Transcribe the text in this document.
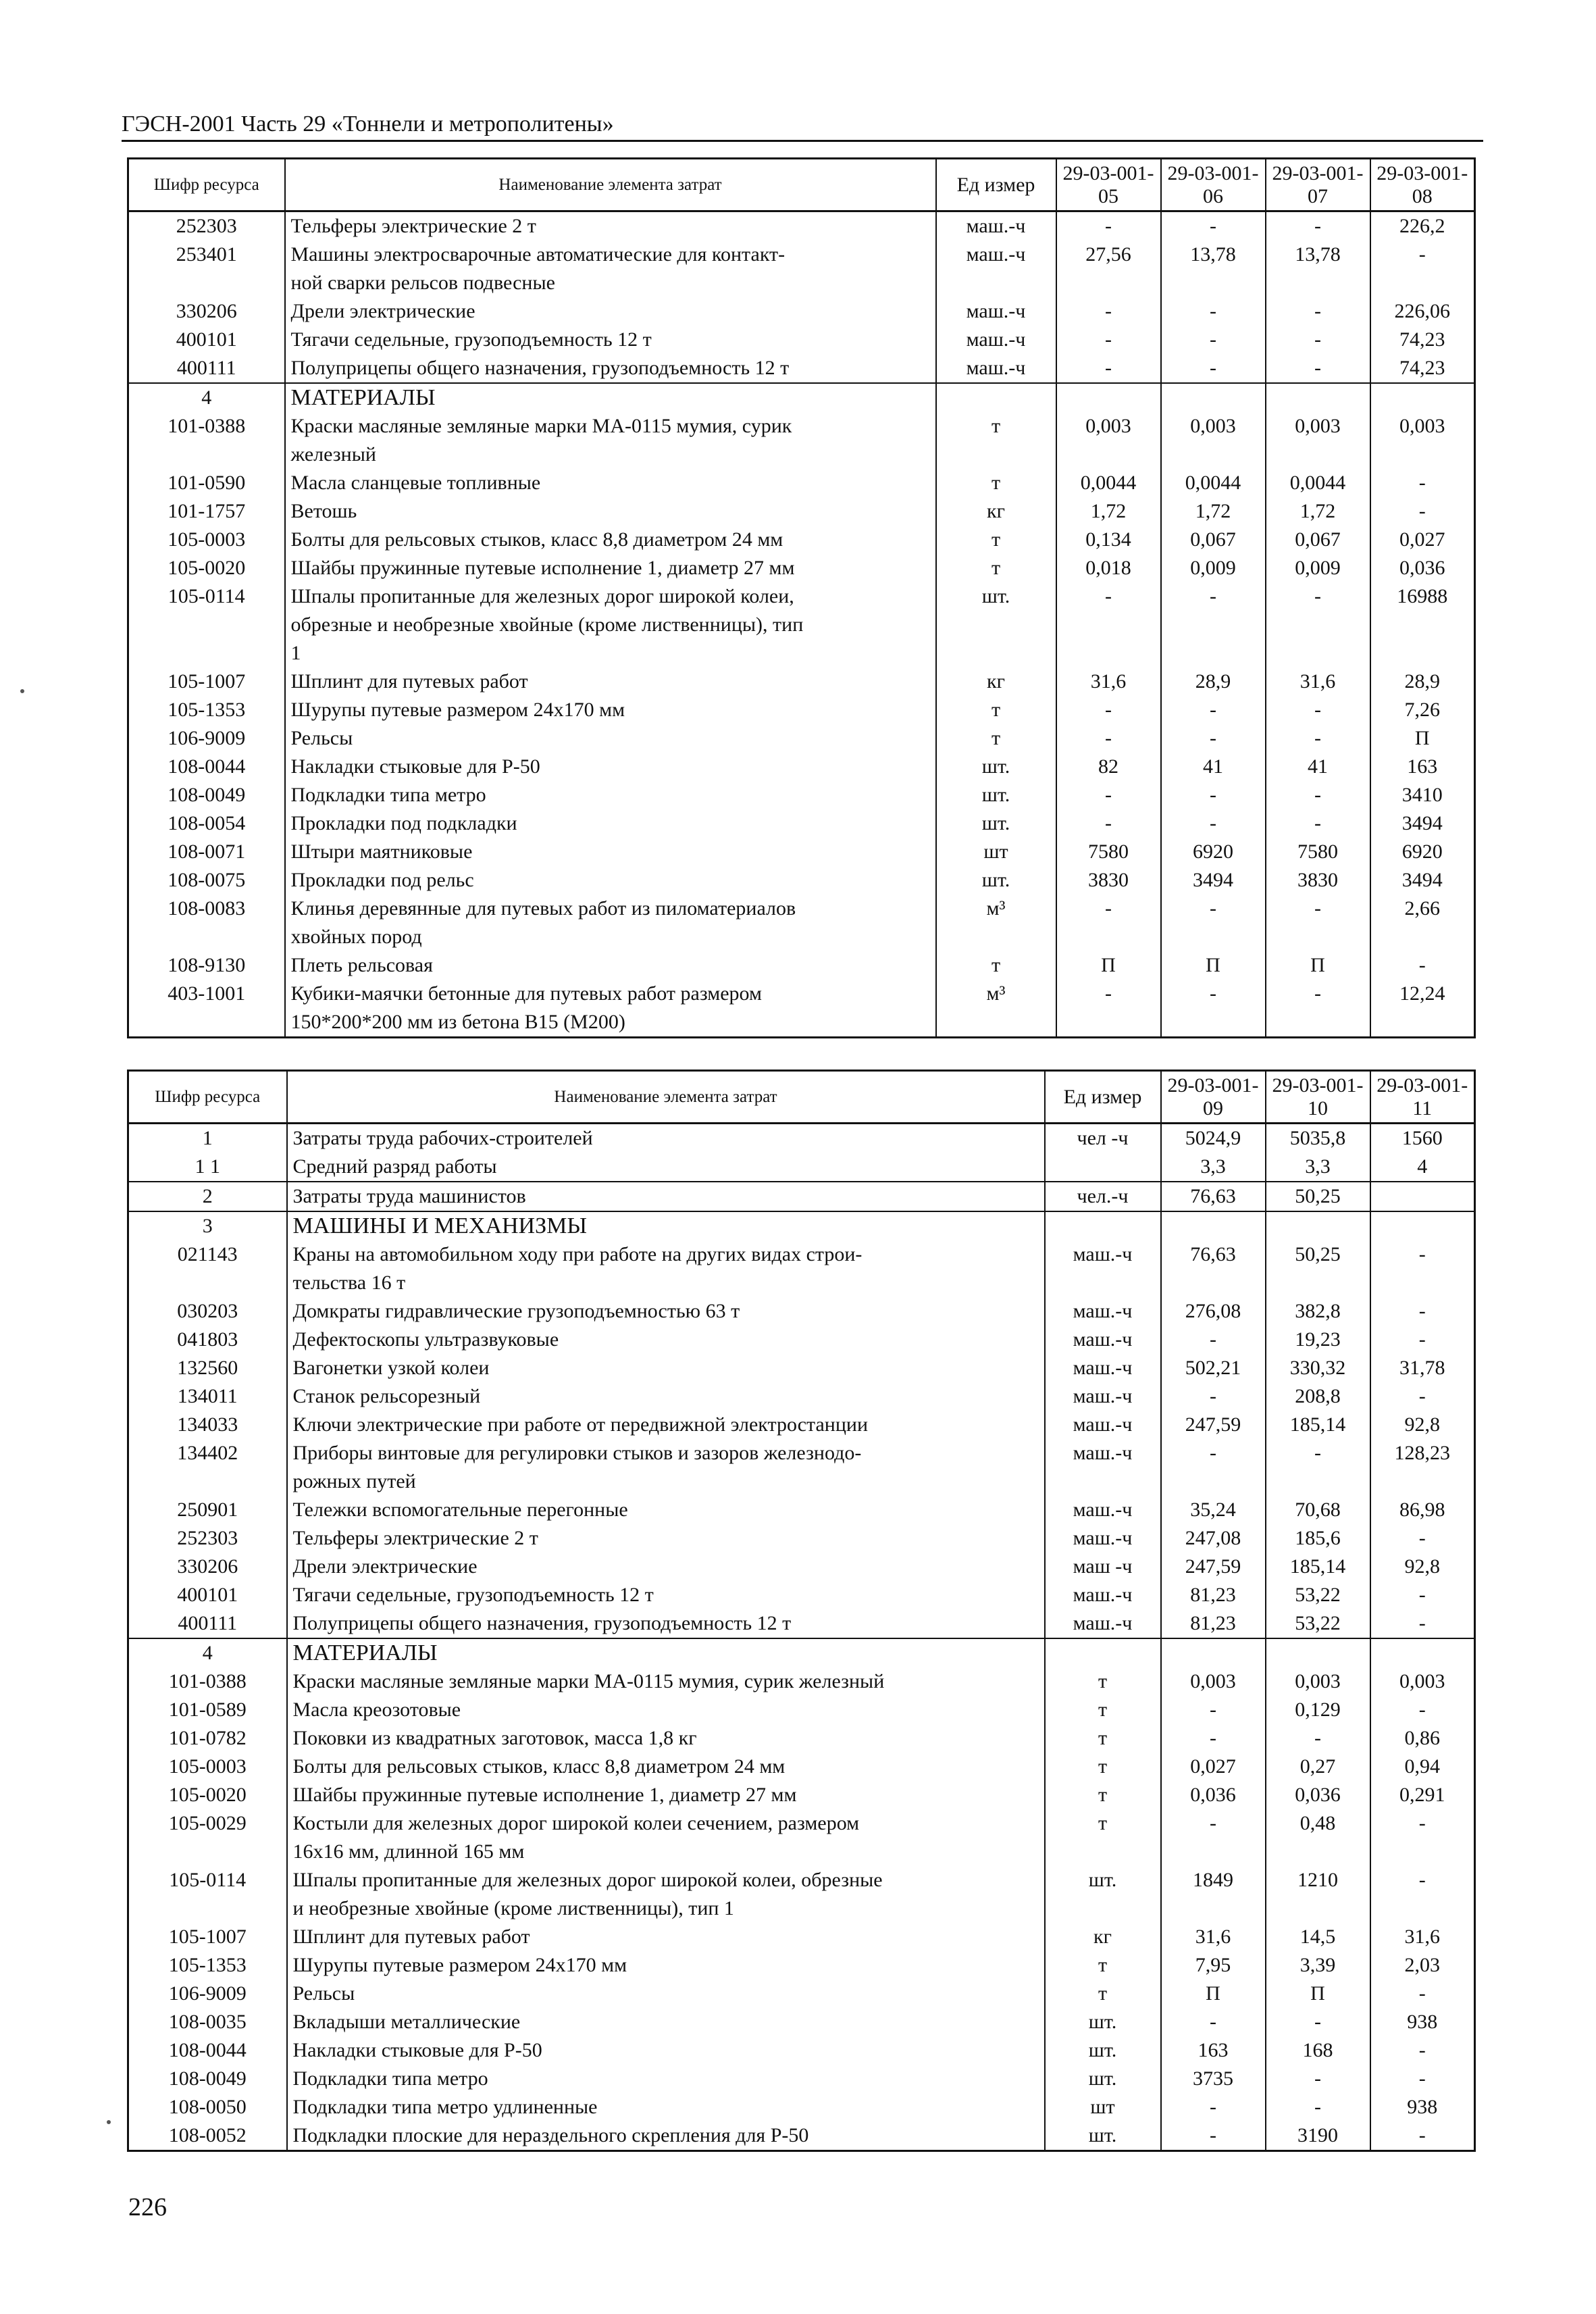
ГЭСН-2001 Часть 29 «Тоннели и метрополитены»
Шифр ресурса	Наименование элемента затрат	Ед измер	29-03-001-05	29-03-001-06	29-03-001-07	29-03-001-08
252303	Тельферы электрические 2 т	маш.-ч	-	-	-	226,2
253401	Машины электросварочные автоматические для контакт-
ной сварки рельсов подвесные	маш.-ч	27,56	13,78	13,78	-
330206	Дрели электрические	маш.-ч	-	-	-	226,06
400101	Тягачи седельные, грузоподъемность 12 т	маш.-ч	-	-	-	74,23
400111	Полуприцепы общего назначения, грузоподъемность 12 т	маш.-ч	-	-	-	74,23
4	МАТЕРИАЛЫ					
101-0388	Краски масляные земляные марки МА-0115 мумия, сурик
железный	т	0,003	0,003	0,003	0,003
101-0590	Масла сланцевые топливные	т	0,0044	0,0044	0,0044	-
101-1757	Ветошь	кг	1,72	1,72	1,72	-
105-0003	Болты для рельсовых стыков, класс 8,8 диаметром 24 мм	т	0,134	0,067	0,067	0,027
105-0020	Шайбы пружинные путевые исполнение 1, диаметр 27 мм	т	0,018	0,009	0,009	0,036
105-0114	Шпалы пропитанные для железных дорог широкой колеи,
обрезные и необрезные хвойные (кроме лиственницы), тип
1	шт.	-	-	-	16988
105-1007	Шплинт для путевых работ	кг	31,6	28,9	31,6	28,9
105-1353	Шурупы путевые размером 24х170 мм	т	-	-	-	7,26
106-9009	Рельсы	т	-	-	-	П
108-0044	Накладки стыковые для Р-50	шт.	82	41	41	163
108-0049	Подкладки типа метро	шт.	-	-	-	3410
108-0054	Прокладки под подкладки	шт.	-	-	-	3494
108-0071	Штыри маятниковые	шт	7580	6920	7580	6920
108-0075	Прокладки под рельс	шт.	3830	3494	3830	3494
108-0083	Клинья деревянные для путевых работ из пиломатериалов
хвойных пород	м³	-	-	-	2,66
108-9130	Плеть рельсовая	т	П	П	П	-
403-1001	Кубики-маячки бетонные для путевых работ размером
150*200*200 мм из бетона В15 (М200)	м³	-	-	-	12,24
Шифр ресурса	Наименование элемента затрат	Ед измер	29-03-001-09	29-03-001-10	29-03-001-11
1	Затраты труда рабочих-строителей	чел -ч	5024,9	5035,8	1560
1 1	Средний разряд работы		3,3	3,3	4
2	Затраты труда машинистов	чел.-ч	76,63	50,25	
3	МАШИНЫ И МЕХАНИЗМЫ				
021143	Краны на автомобильном ходу при работе на других видах строи-
тельства 16 т	маш.-ч	76,63	50,25	-
030203	Домкраты гидравлические грузоподъемностью 63 т	маш.-ч	276,08	382,8	-
041803	Дефектоскопы ультразвуковые	маш.-ч	-	19,23	-
132560	Вагонетки узкой колеи	маш.-ч	502,21	330,32	31,78
134011	Станок рельсорезный	маш.-ч	-	208,8	-
134033	Ключи электрические при работе от передвижной электростанции	маш.-ч	247,59	185,14	92,8
134402	Приборы винтовые для регулировки стыков и зазоров железнодо-
рожных путей	маш.-ч	-	-	128,23
250901	Тележки вспомогательные перегонные	маш.-ч	35,24	70,68	86,98
252303	Тельферы электрические 2 т	маш.-ч	247,08	185,6	-
330206	Дрели электрические	маш -ч	247,59	185,14	92,8
400101	Тягачи седельные, грузоподъемность 12 т	маш.-ч	81,23	53,22	-
400111	Полуприцепы общего назначения, грузоподъемность 12 т	маш.-ч	81,23	53,22	-
4	МАТЕРИАЛЫ				
101-0388	Краски масляные земляные марки МА-0115 мумия, сурик железный	т	0,003	0,003	0,003
101-0589	Масла креозотовые	т	-	0,129	-
101-0782	Поковки из квадратных заготовок, масса 1,8 кг	т	-	-	0,86
105-0003	Болты для рельсовых стыков, класс 8,8 диаметром 24 мм	т	0,027	0,27	0,94
105-0020	Шайбы пружинные путевые исполнение 1, диаметр 27 мм	т	0,036	0,036	0,291
105-0029	Костыли для железных дорог широкой колеи сечением, размером
16х16 мм, длинной 165 мм	т	-	0,48	-
105-0114	Шпалы пропитанные для железных дорог широкой колеи, обрезные
и необрезные хвойные (кроме лиственницы), тип 1	шт.	1849	1210	-
105-1007	Шплинт для путевых работ	кг	31,6	14,5	31,6
105-1353	Шурупы путевые размером 24х170 мм	т	7,95	3,39	2,03
106-9009	Рельсы	т	П	П	-
108-0035	Вкладыши металлические	шт.	-	-	938
108-0044	Накладки стыковые для Р-50	шт.	163	168	-
108-0049	Подкладки типа метро	шт.	3735	-	-
108-0050	Подкладки типа метро удлиненные	шт	-	-	938
108-0052	Подкладки плоские для нераздельного скрепления для Р-50	шт.	-	3190	-
226
